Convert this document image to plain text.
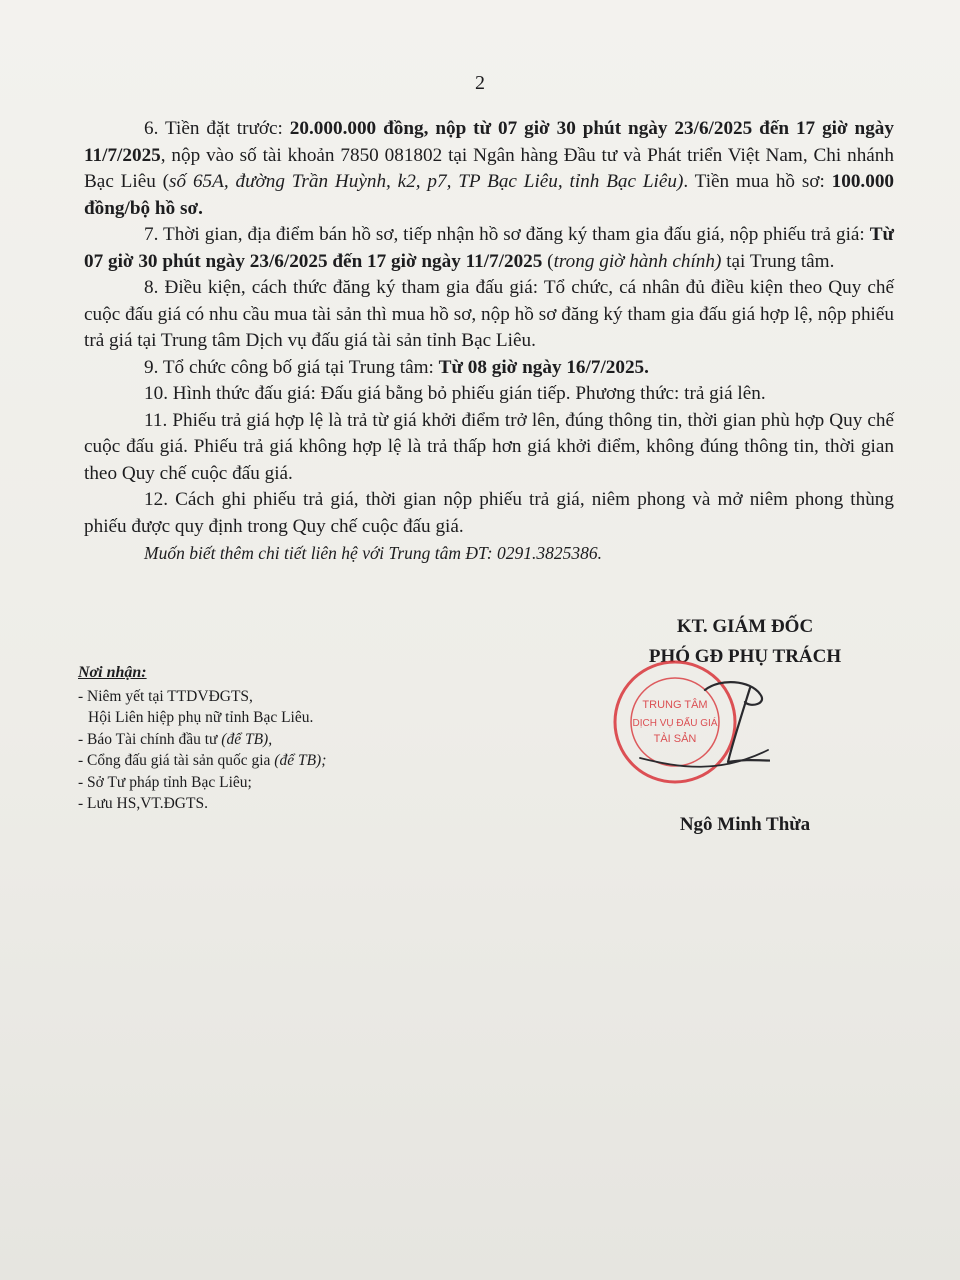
2

6. Tiền đặt trước: 20.000.000 đồng, nộp từ 07 giờ 30 phút ngày 23/6/2025 đến 17 giờ ngày 11/7/2025, nộp vào số tài khoản 7850 081802 tại Ngân hàng Đầu tư và Phát triển Việt Nam, Chi nhánh Bạc Liêu (số 65A, đường Trần Huỳnh, k2, p7, TP Bạc Liêu, tỉnh Bạc Liêu). Tiền mua hồ sơ: 100.000 đồng/bộ hồ sơ.

7. Thời gian, địa điểm bán hồ sơ, tiếp nhận hồ sơ đăng ký tham gia đấu giá, nộp phiếu trả giá: Từ 07 giờ 30 phút ngày 23/6/2025 đến 17 giờ ngày 11/7/2025 (trong giờ hành chính) tại Trung tâm.

8. Điều kiện, cách thức đăng ký tham gia đấu giá: Tổ chức, cá nhân đủ điều kiện theo Quy chế cuộc đấu giá có nhu cầu mua tài sản thì mua hồ sơ, nộp hồ sơ đăng ký tham gia đấu giá hợp lệ, nộp phiếu trả giá tại Trung tâm Dịch vụ đấu giá tài sản tỉnh Bạc Liêu.

9. Tổ chức công bố giá tại Trung tâm: Từ 08 giờ ngày 16/7/2025.

10. Hình thức đấu giá: Đấu giá bằng bỏ phiếu gián tiếp. Phương thức: trả giá lên.

11. Phiếu trả giá hợp lệ là trả từ giá khởi điểm trở lên, đúng thông tin, thời gian phù hợp Quy chế cuộc đấu giá. Phiếu trả giá không hợp lệ là trả thấp hơn giá khởi điểm, không đúng thông tin, thời gian theo Quy chế cuộc đấu giá.

12. Cách ghi phiếu trả giá, thời gian nộp phiếu trả giá, niêm phong và mở niêm phong thùng phiếu được quy định trong Quy chế cuộc đấu giá.

Muốn biết thêm chi tiết liên hệ với Trung tâm ĐT: 0291.3825386.

KT. GIÁM ĐỐC
PHÓ GĐ PHỤ TRÁCH
TRUNG TÂM
DỊCH VỤ ĐẤU GIÁ
TÀI SẢN
Ngô Minh Thừa
Nơi nhận:
- Niêm yết tại TTDVĐGTS,
Hội Liên hiệp phụ nữ tỉnh Bạc Liêu.
- Báo Tài chính đầu tư (để TB),
- Cổng đấu giá tài sản quốc gia (để TB);
- Sở Tư pháp tỉnh Bạc Liêu;
- Lưu HS,VT.ĐGTS.
